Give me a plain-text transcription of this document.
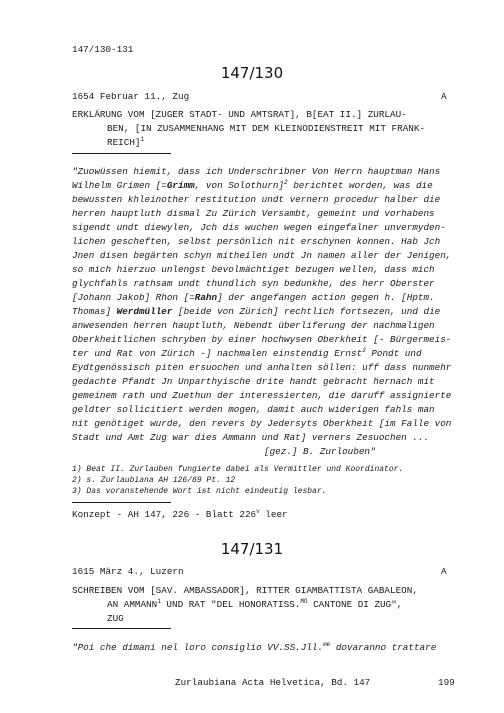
147/130-131
147/130
1654 Februar 11., Zug	A
ERKLÄRUNG VOM [ZUGER STADT- UND AMTSRAT], B[EAT II.] ZURLAU-
BEN, [IN ZUSAMMENHANG MIT DEM KLEINODIENSTREIT MIT FRANK-
REICH]$^1$
"Zuowüssen hiemit, dass ich Underschribner Von Herrn hauptman Hans
Wilhelm Grimen [=Grimm, von Solothurn]$^2$ berichtet worden, was die
bewussten khleinother restitution undt vernern procedur halber die
herren hauptluth dismal Zu Zürich Versambt, gemeint und vorhabens
sigendt undt diewylen, Jch dis wuchen wegen eingefalner unvermyden-
lichen gescheften, selbst persönlich nit erschynen konnen. Hab Jch
Jnen disen begärten schyn mitheilen undt Jn namen aller der Jenigen,
so mich hierzuo unlengst bevolmächtiget bezugen wellen, dass mich
glychfahls rathsam undt thundlich syn bedunkhe, des herr Oberster
[Johann Jakob] Rhon [=Rahn] der angefangen action gegen h. [Hptm.
Thomas] Werdmüller [beide von Zürich] rechtlich fortsezen, und die
anwesenden herren hauptluth, Nebendt überliferung der nachmaligen
Oberkheitlichen schryben by einer hochwysen Oberkheit [- Bürgermeis-
ter und Rat von Zürich -] nachmalen einstendig Ernst$^3$ Pondt und
Eydtgenössisch piten ersuochen und anhalten söllen: uff dass nunmehr
gedachte Pfandt Jn Unparthyische drite handt gebracht hernach mit
gemeinem rath und Zuethun der interessierten, die daruff assignierte
geldter sollicitiert werden mogen, damit auch widerigen fahls man
nit genötiget wurde, den revers by Jedersyts Oberkheit [im Falle von
Stadt und Amt Zug war dies Ammann und Rat] verners Zesuochen ...
[gez.] B. Zurlouben"
1) Beat II. Zurlauben fungierte dabei als Vermittler und Koordinator.
2) s. Zurlaubiana AH 126/89 Pt. 12
3) Das voranstehende Wort ist nicht eindeutig lesbar.
Konzept - AH 147, 226 - Blatt 226$^v$ leer
147/131
1615 März 4., Luzern	A
SCHREIBEN VOM [SAV. AMBASSADOR], RITTER GIAMBATTISTA GABALEON,
AN AMMANN$^1$ UND RAT "DEL HONORATISS.$^{MO}$ CANTONE DI ZUG",
ZUG
"Poi che dimani nel loro consiglio VV.SS.Jll.$^{me}$ dovaranno trattare
Zurlaubiana Acta Helvetica, Bd. 147	199
